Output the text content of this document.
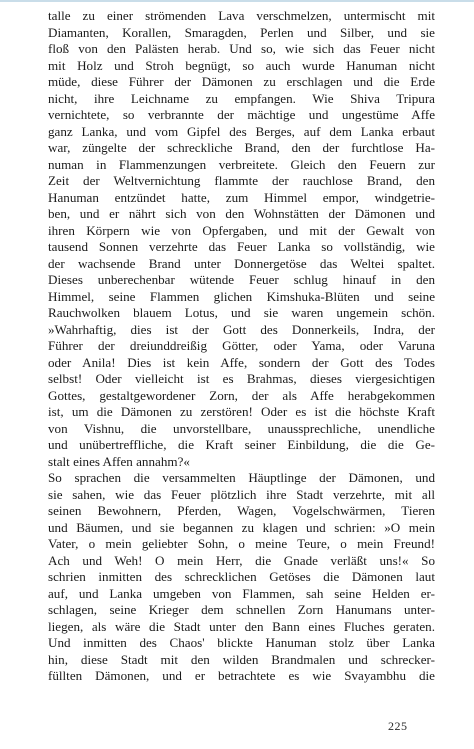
talle zu einer strömenden Lava verschmelzen, untermischt mit
Diamanten, Korallen, Smaragden, Perlen und Silber, und sie
floß von den Palästen herab. Und so, wie sich das Feuer nicht
mit Holz und Stroh begnügt, so auch wurde Hanuman nicht
müde, diese Führer der Dämonen zu erschlagen und die Erde
nicht, ihre Leichname zu empfangen. Wie Shiva Tripura
vernichtete, so verbrannte der mächtige und ungestüme Affe
ganz Lanka, und vom Gipfel des Berges, auf dem Lanka erbaut
war, züngelte der schreckliche Brand, den der furchtlose Ha-
numan in Flammenzungen verbreitete. Gleich den Feuern zur
Zeit der Weltvernichtung flammte der rauchlose Brand, den
Hanuman entzündet hatte, zum Himmel empor, windgetrie-
ben, und er nährt sich von den Wohnstätten der Dämonen und
ihren Körpern wie von Opfergaben, und mit der Gewalt von
tausend Sonnen verzehrte das Feuer Lanka so vollständig, wie
der wachsende Brand unter Donnergetöse das Weltei spaltet.
Dieses unberechenbar wütende Feuer schlug hinauf in den
Himmel, seine Flammen glichen Kimshuka-Blüten und seine
Rauchwolken blauem Lotus, und sie waren ungemein schön.
»Wahrhaftig, dies ist der Gott des Donnerkeils, Indra, der
Führer der dreiunddreißig Götter, oder Yama, oder Varuna
oder Anila! Dies ist kein Affe, sondern der Gott des Todes
selbst! Oder vielleicht ist es Brahmas, dieses viergesichtigen
Gottes, gestaltgewordener Zorn, der als Affe herabgekommen
ist, um die Dämonen zu zerstören! Oder es ist die höchste Kraft
von Vishnu, die unvorstellbare, unaussprechliche, unendliche
und unübertreffliche, die Kraft seiner Einbildung, die die Ge-
stalt eines Affen annahm?«
So sprachen die versammelten Häuptlinge der Dämonen, und
sie sahen, wie das Feuer plötzlich ihre Stadt verzehrte, mit all
seinen Bewohnern, Pferden, Wagen, Vogelschwärmen, Tieren
und Bäumen, und sie begannen zu klagen und schrien: »O mein
Vater, o mein geliebter Sohn, o meine Teure, o mein Freund!
Ach und Weh! O mein Herr, die Gnade verläßt uns!« So
schrien inmitten des schrecklichen Getöses die Dämonen laut
auf, und Lanka umgeben von Flammen, sah seine Helden er-
schlagen, seine Krieger dem schnellen Zorn Hanumans unter-
liegen, als wäre die Stadt unter den Bann eines Fluches geraten.
Und inmitten des Chaos' blickte Hanuman stolz über Lanka
hin, diese Stadt mit den wilden Brandmalen und schrecker-
füllten Dämonen, und er betrachtete es wie Svayambhu die
225
